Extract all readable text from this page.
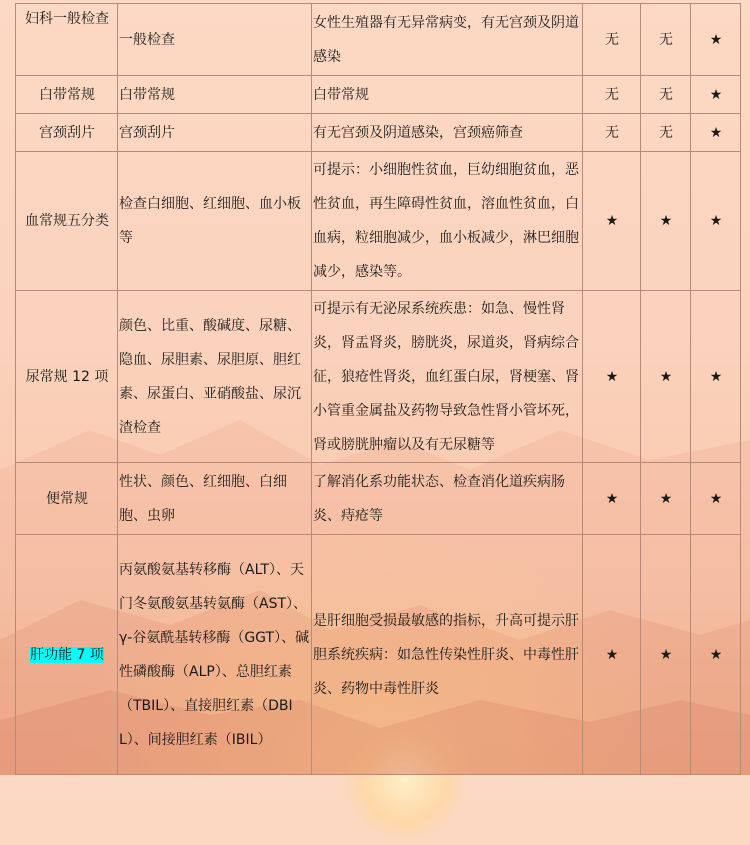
妇科一般检查	一般检查	女性生殖器有无异常病变，有无宫颈及阴道感染	无	无	★
白带常规	白带常规	白带常规	无	无	★
宫颈刮片	宫颈刮片	有无宫颈及阴道感染，宫颈癌筛查	无	无	★
血常规五分类	检查白细胞、红细胞、血小板等	可提示：小细胞性贫血，巨幼细胞贫血，恶性贫血，再生障碍性贫血，溶血性贫血，白血病，粒细胞减少，血小板减少，淋巴细胞减少，感染等。	★	★	★
尿常规 12 项	颜色、比重、酸碱度、尿糖、隐血、尿胆素、尿胆原、胆红素、尿蛋白、亚硝酸盐、尿沉渣检查	可提示有无泌尿系统疾患：如急、慢性肾炎，肾盂肾炎，膀胱炎，尿道炎，肾病综合征，狼疮性肾炎，血红蛋白尿，肾梗塞、肾小管重金属盐及药物导致急性肾小管坏死，肾或膀胱肿瘤以及有无尿糖等	★	★	★
便常规	性状、颜色、红细胞、白细胞、虫卵	了解消化系功能状态、检查消化道疾病肠炎、痔疮等	★	★	★
肝功能 7 项	丙氨酸氨基转移酶（ALT）、天门冬氨酸氨基转氨酶（AST）、γ-谷氨酰基转移酶（GGT）、碱性磷酸酶（ALP）、总胆红素（TBIL）、直接胆红素（DBIL）、间接胆红素（IBIL）	是肝细胞受损最敏感的指标，升高可提示肝胆系统疾病：如急性传染性肝炎、中毒性肝炎、药物中毒性肝炎	★	★	★
